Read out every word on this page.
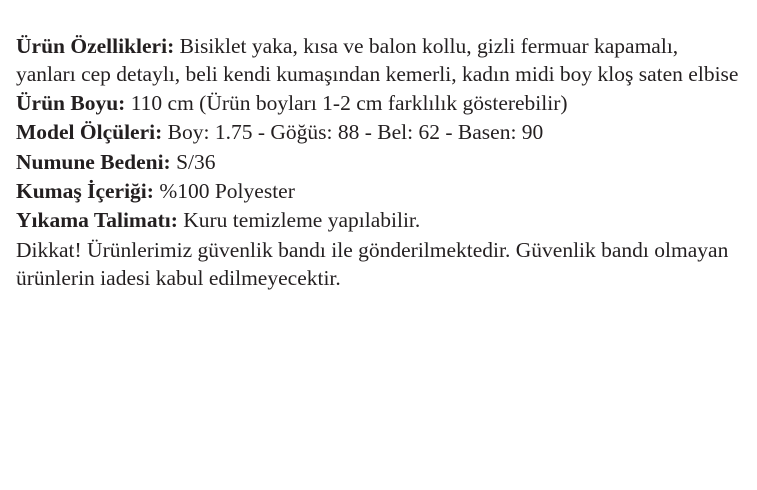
Ürün Özellikleri: Bisiklet yaka, kısa ve balon kollu, gizli fermuar kapamalı, yanları cep detaylı, beli kendi kumaşından kemerli, kadın midi boy kloş saten elbise

Ürün Boyu: 110 cm (Ürün boyları 1-2 cm farklılık gösterebilir)

Model Ölçüleri: Boy: 1.75 - Göğüs: 88 - Bel: 62 - Basen: 90

Numune Bedeni: S/36

Kumaş İçeriği: %100 Polyester

Yıkama Talimatı: Kuru temizleme yapılabilir.

Dikkat! Ürünlerimiz güvenlik bandı ile gönderilmektedir. Güvenlik bandı olmayan ürünlerin iadesi kabul edilmeyecektir.
